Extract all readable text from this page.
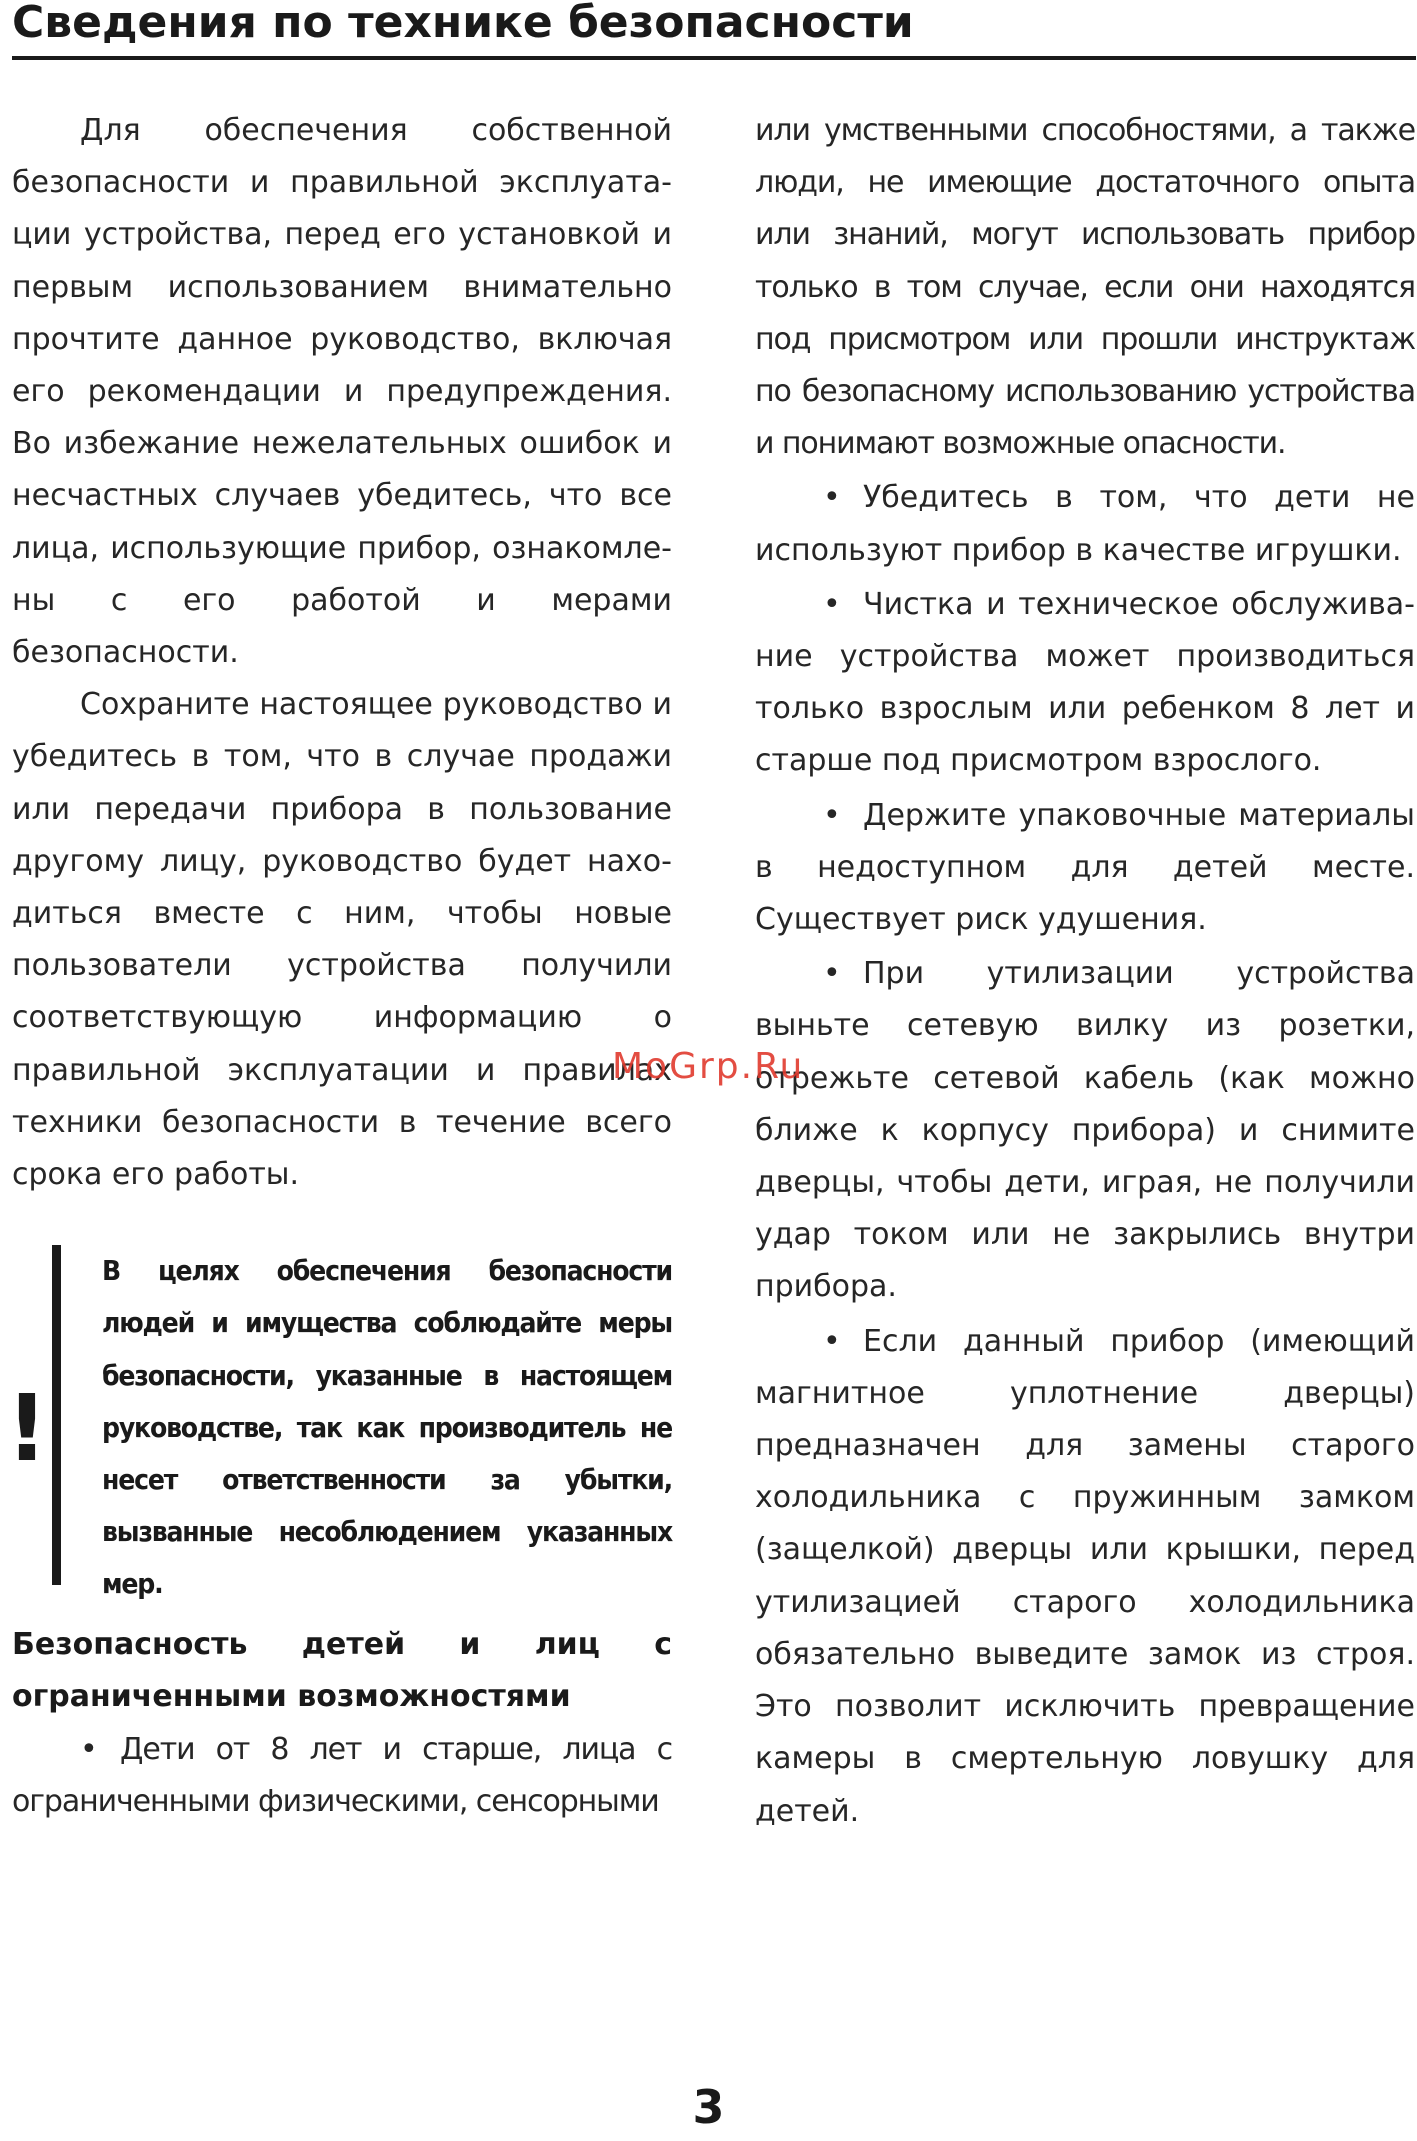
Сведения по технике безопасности

Для обеспечения собственной безопасности и правильной эксплуатации устройства, перед его установкой и первым использованием внимательно прочтите данное руководство, включая его рекомендации и предупреждения. Во избежание нежелательных ошибок и несчастных случаев убедитесь, что все лица, использующие прибор, ознакомлены с его работой и мерами безопасности.

Сохраните настоящее руководство и убедитесь в том, что в случае продажи или передачи прибора в пользование другому лицу, руководство будет находиться вместе с ним, чтобы новые пользователи устройства получили соответствующую информацию о правильной эксплуатации и правилах техники безопасности в течение всего срока его работы.

!

В целях обеспечения безопасности людей и имущества соблюдайте меры безопасности, указанные в настоящем руководстве, так как производитель не несет ответственности за убытки, вызванные несоблюдением указанных мер.

Безопасность детей и лиц с ограниченными возможностями

• Дети от 8 лет и старше, лица с ограниченными физическими, сенсорными

или умственными способностями, а также люди, не имеющие достаточного опыта или знаний, могут использовать прибор только в том случае, если они находятся под присмотром или прошли инструктаж по безопасному использованию устройства и понимают возможные опасности.

• Убедитесь в том, что дети не используют прибор в качестве игрушки.

• Чистка и техническое обслуживание устройства может производиться только взрослым или ребенком 8 лет и старше под присмотром взрослого.

• Держите упаковочные материалы в недоступном для детей месте. Существует риск удушения.

• При утилизации устройства выньте сетевую вилку из розетки, отрежьте сетевой кабель (как можно ближе к корпусу прибора) и снимите дверцы, чтобы дети, играя, не получили удар током или не закрылись внутри прибора.

• Если данный прибор (имеющий магнитное уплотнение дверцы) предназначен для замены старого холодильника с пружинным замком (защелкой) дверцы или крышки, перед утилизацией старого холодильника обязательно выведите замок из строя. Это позволит исключить превращение камеры в смертельную ловушку для детей.

MoGrp.Ru
3
